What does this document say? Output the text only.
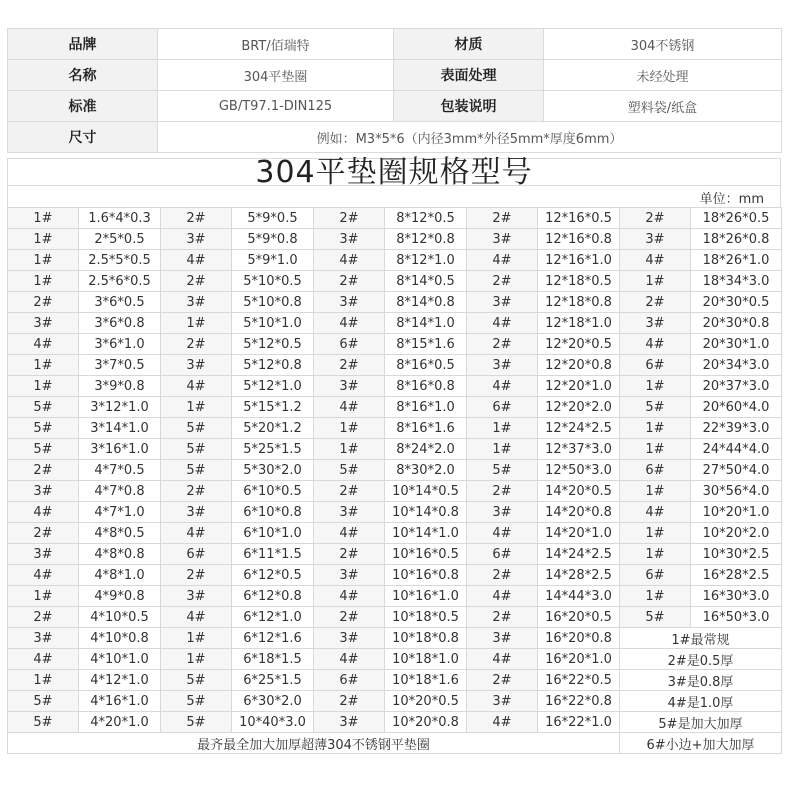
品牌	BRT/佰瑞特	材质	304不锈钢
名称	304平垫圈	表面处理	未经处理
标准	GB/T97.1-DIN125	包装说明	塑料袋/纸盒
尺寸	例如：M3*5*6（内径3mm*外径5mm*厚度6mm）		
304平垫圈规格型号
单位：mm
1#	1.6*4*0.3	2#	5*9*0.5	2#	8*12*0.5	2#	12*16*0.5	2#	18*26*0.5
1#	2*5*0.5	3#	5*9*0.8	3#	8*12*0.8	3#	12*16*0.8	3#	18*26*0.8
1#	2.5*5*0.5	4#	5*9*1.0	4#	8*12*1.0	4#	12*16*1.0	4#	18*26*1.0
1#	2.5*6*0.5	2#	5*10*0.5	2#	8*14*0.5	2#	12*18*0.5	1#	18*34*3.0
2#	3*6*0.5	3#	5*10*0.8	3#	8*14*0.8	3#	12*18*0.8	2#	20*30*0.5
3#	3*6*0.8	1#	5*10*1.0	4#	8*14*1.0	4#	12*18*1.0	3#	20*30*0.8
4#	3*6*1.0	2#	5*12*0.5	6#	8*15*1.6	2#	12*20*0.5	4#	20*30*1.0
1#	3*7*0.5	3#	5*12*0.8	2#	8*16*0.5	3#	12*20*0.8	6#	20*34*3.0
1#	3*9*0.8	4#	5*12*1.0	3#	8*16*0.8	4#	12*20*1.0	1#	20*37*3.0
5#	3*12*1.0	1#	5*15*1.2	4#	8*16*1.0	6#	12*20*2.0	5#	20*60*4.0
5#	3*14*1.0	5#	5*20*1.2	1#	8*16*1.6	1#	12*24*2.5	1#	22*39*3.0
5#	3*16*1.0	5#	5*25*1.5	1#	8*24*2.0	1#	12*37*3.0	1#	24*44*4.0
2#	4*7*0.5	5#	5*30*2.0	5#	8*30*2.0	5#	12*50*3.0	6#	27*50*4.0
3#	4*7*0.8	2#	6*10*0.5	2#	10*14*0.5	2#	14*20*0.5	1#	30*56*4.0
4#	4*7*1.0	3#	6*10*0.8	3#	10*14*0.8	3#	14*20*0.8	4#	10*20*1.0
2#	4*8*0.5	4#	6*10*1.0	4#	10*14*1.0	4#	14*20*1.0	1#	10*20*2.0
3#	4*8*0.8	6#	6*11*1.5	2#	10*16*0.5	6#	14*24*2.5	1#	10*30*2.5
4#	4*8*1.0	2#	6*12*0.5	3#	10*16*0.8	2#	14*28*2.5	6#	16*28*2.5
1#	4*9*0.8	3#	6*12*0.8	4#	10*16*1.0	4#	14*44*3.0	1#	16*30*3.0
2#	4*10*0.5	4#	6*12*1.0	2#	10*18*0.5	2#	16*20*0.5	5#	16*50*3.0
3#	4*10*0.8	1#	6*12*1.6	3#	10*18*0.8	3#	16*20*0.8	1#最常规	
4#	4*10*1.0	1#	6*18*1.5	4#	10*18*1.0	4#	16*20*1.0	2#是0.5厚	
1#	4*12*1.0	5#	6*25*1.5	6#	10*18*1.6	2#	16*22*0.5	3#是0.8厚	
5#	4*16*1.0	5#	6*30*2.0	2#	10*20*0.5	3#	16*22*0.8	4#是1.0厚	
5#	4*20*1.0	5#	10*40*3.0	3#	10*20*0.8	4#	16*22*1.0	5#是加大加厚	
最齐最全加大加厚超薄304不锈钢平垫圈								6#小边+加大加厚	
